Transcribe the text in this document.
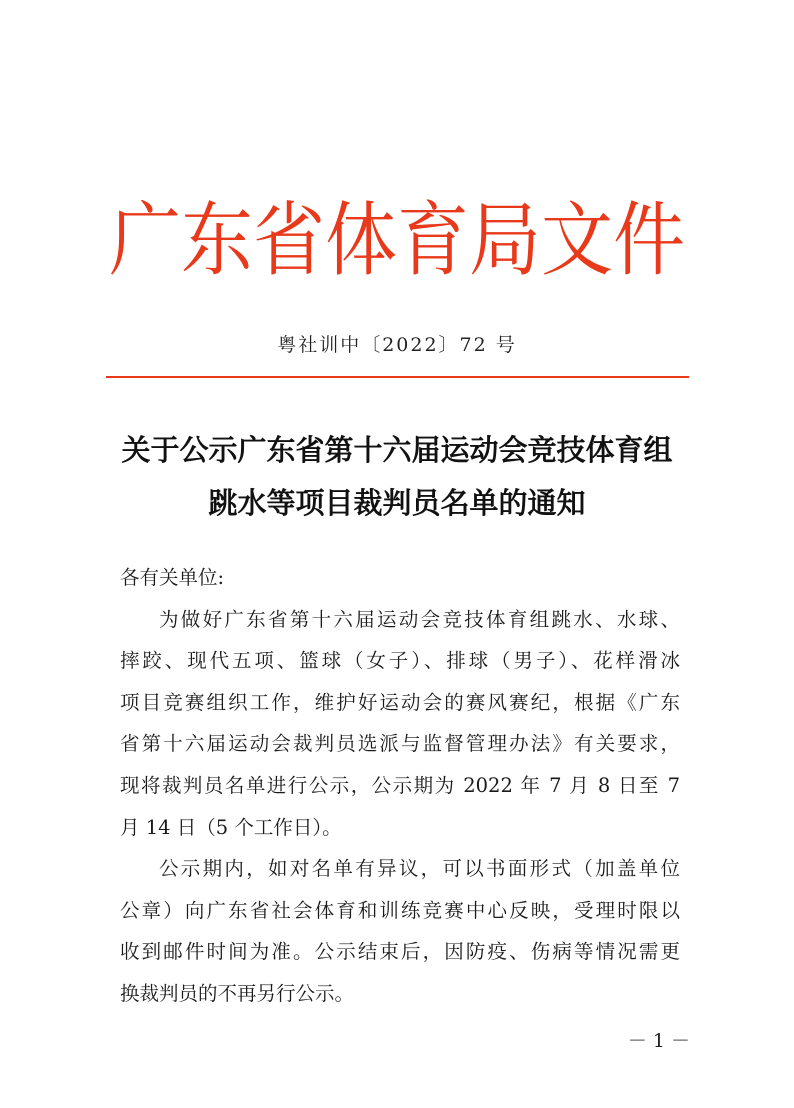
广东省体育局文件
粤社训中〔2022〕72 号
关于公示广东省第十六届运动会竞技体育组
跳水等项目裁判员名单的通知
各有关单位:
为做好广东省第十六届运动会竞技体育组跳水、水球、
摔跤、现代五项、篮球（女子）、排球（男子）、花样滑冰
项目竞赛组织工作，维护好运动会的赛风赛纪，根据《广东
省第十六届运动会裁判员选派与监督管理办法》有关要求，
现将裁判员名单进行公示，公示期为 2022 年 7 月 8 日至 7
月 14 日（5 个工作日）。
公示期内，如对名单有异议，可以书面形式（加盖单位
公章）向广东省社会体育和训练竞赛中心反映，受理时限以
收到邮件时间为准。公示结束后，因防疫、伤病等情况需更
换裁判员的不再另行公示。
－ 1 －
